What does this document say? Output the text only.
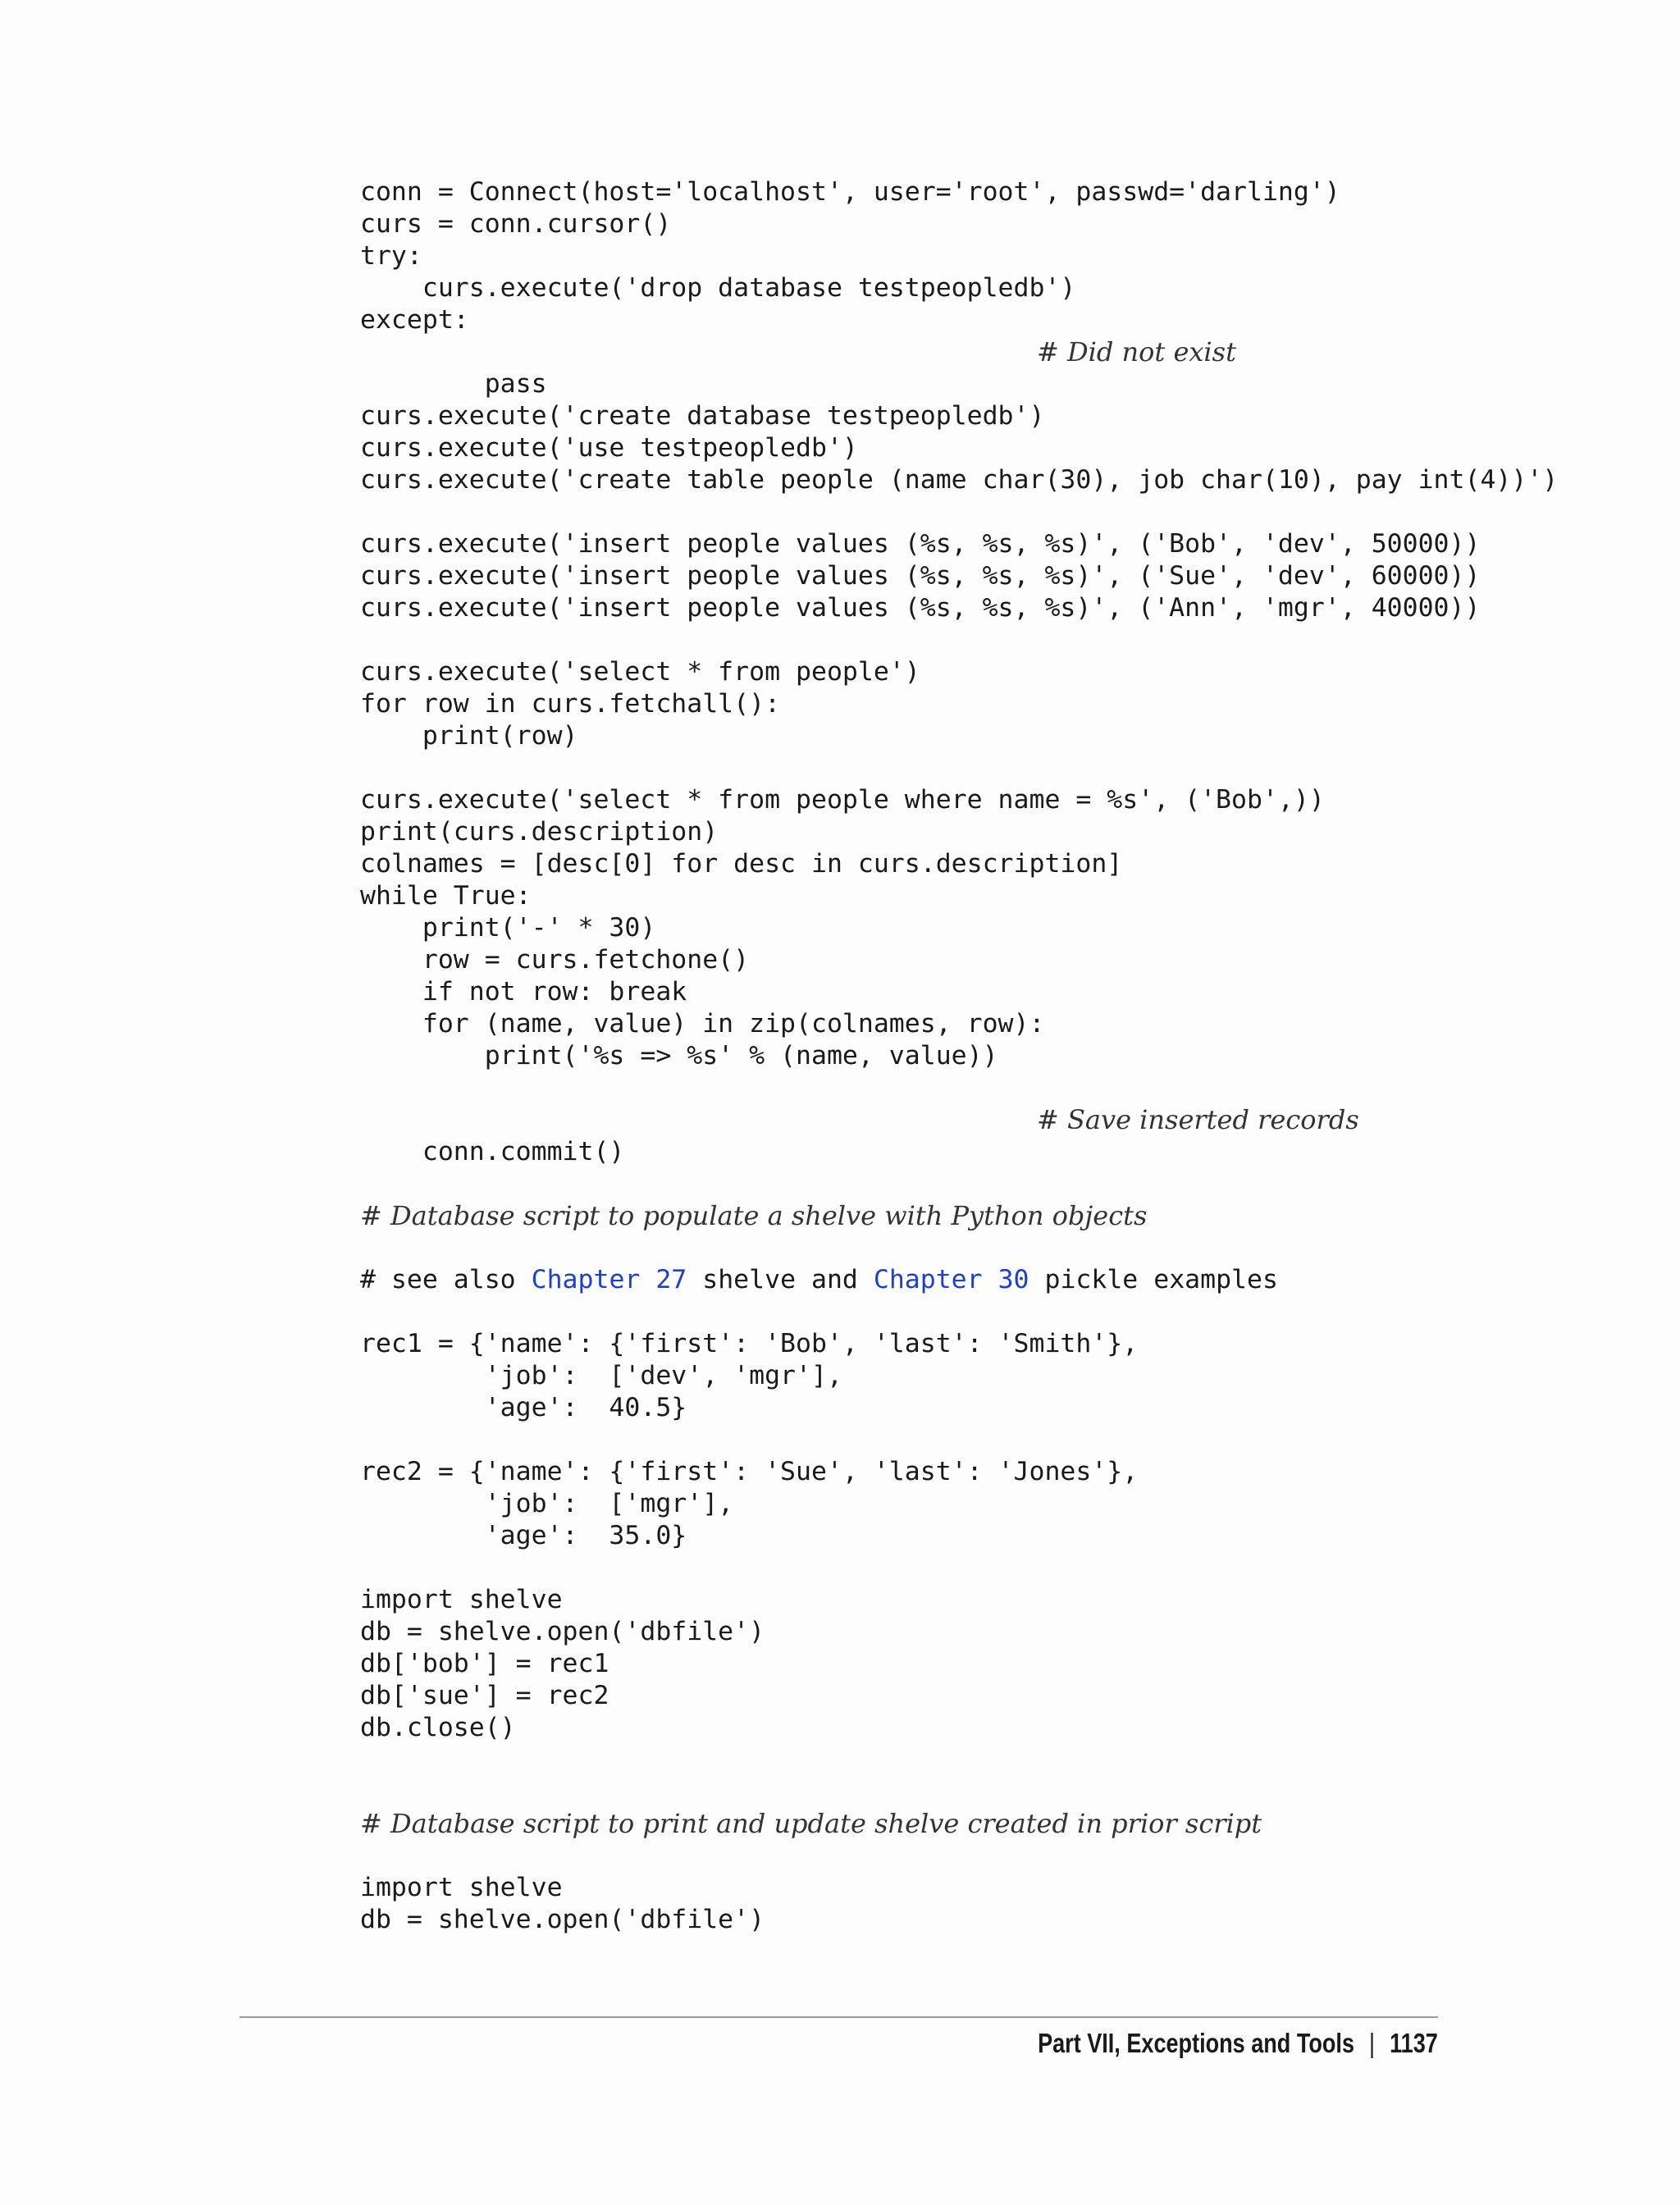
conn = Connect(host='localhost', user='root', passwd='darling')
curs = conn.cursor()
try:
curs.execute('drop database testpeopledb')
except:

pass

# Did not exist

curs.execute('create database testpeopledb')
curs.execute('use testpeopledb')
curs.execute('create table people (name char(30), job char(10), pay int(4))')
curs.execute('insert people values (%s, %s, %s)', ('Bob', 'dev', 50000))
curs.execute('insert people values (%s, %s, %s)', ('Sue', 'dev', 60000))
curs.execute('insert people values (%s, %s, %s)', ('Ann', 'mgr', 40000))
curs.execute('select * from people')
for row in curs.fetchall():
print(row)
curs.execute('select * from people where name = %s', ('Bob',))
print(curs.description)
colnames = [desc[0] for desc in curs.description]
while True:
print('-' * 30)
row = curs.fetchone()
if not row: break
for (name, value) in zip(colnames, row):
print('%s => %s' % (name, value))

conn.commit()

# Save inserted records

# Database script to populate a shelve with Python objects
# see also Chapter 27 shelve and Chapter 30 pickle examples
rec1 = {'name': {'first': 'Bob', 'last': 'Smith'},
'job':  ['dev', 'mgr'],
'age':  40.5}
rec2 = {'name': {'first': 'Sue', 'last': 'Jones'},
'job':  ['mgr'],
'age':  35.0}
import shelve
db = shelve.open('dbfile')
db['bob'] = rec1
db['sue'] = rec2
db.close()
# Database script to print and update shelve created in prior script
import shelve
db = shelve.open('dbfile')
Part VII, Exceptions and Tools | 1137
